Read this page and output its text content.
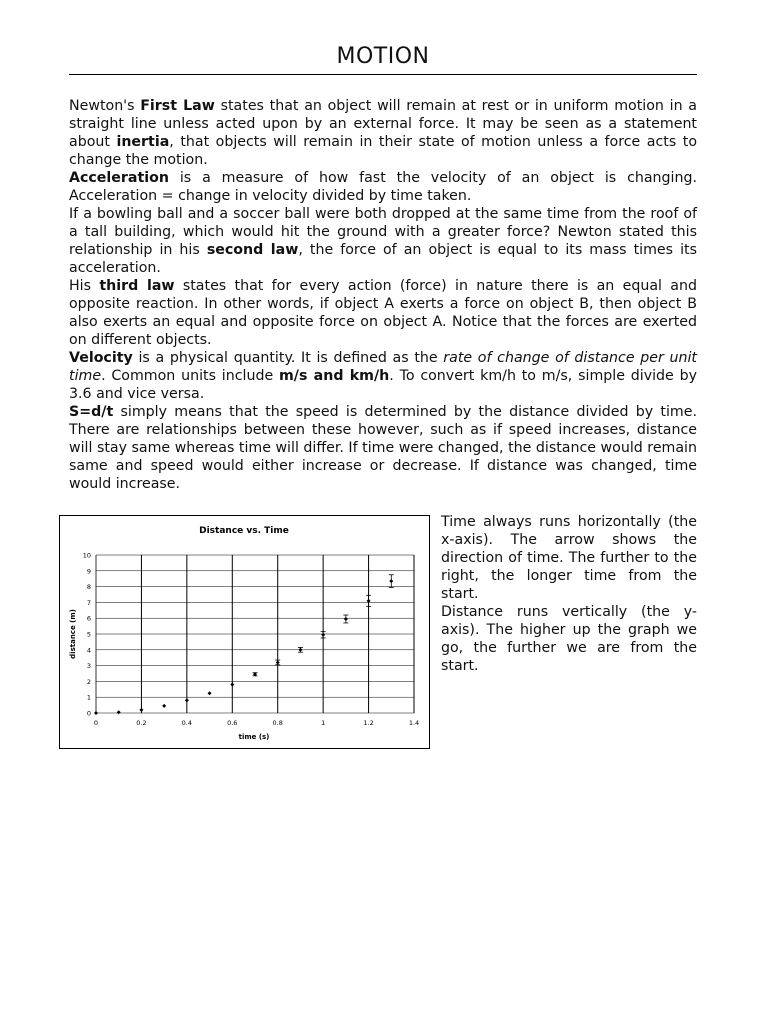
MOTION

Newton's First Law states that an object will remain at rest or in uniform motion in a straight line unless acted upon by an external force. It may be seen as a statement about inertia, that objects will remain in their state of motion unless a force acts to change the motion.

Acceleration is a measure of how fast the velocity of an object is changing. Acceleration = change in velocity divided by time taken.

If a bowling ball and a soccer ball were both dropped at the same time from the roof of a tall building, which would hit the ground with a greater force? Newton stated this relationship in his second law, the force of an object is equal to its mass times its acceleration.

His third law states that for every action (force) in nature there is an equal and opposite reaction. In other words, if object A exerts a force on object B, then object B also exerts an equal and opposite force on object A. Notice that the forces are exerted on different objects.

Velocity is a physical quantity. It is defined as the rate of change of distance per unit time. Common units include m/s and km/h. To convert km/h to m/s, simple divide by 3.6 and vice versa.

S=d/t simply means that the speed is determined by the distance divided by time. There are relationships between these however, such as if speed increases, distance will stay same whereas time will differ. If time were changed, the distance would remain same and speed would either increase or decrease. If distance was changed, time would increase.

Distance vs. Time
time (s)
distance (m)
0
1
2
3
4
5
6
7
8
9
10
0	0.2	0.4	0.6	0.8	1	1.2	1.4

Time always runs horizontally (the x-axis). The arrow shows the direction of time. The further to the right, the longer time from the start.

Distance runs vertically (the y-axis). The higher up the graph we go, the further we are from the start.
